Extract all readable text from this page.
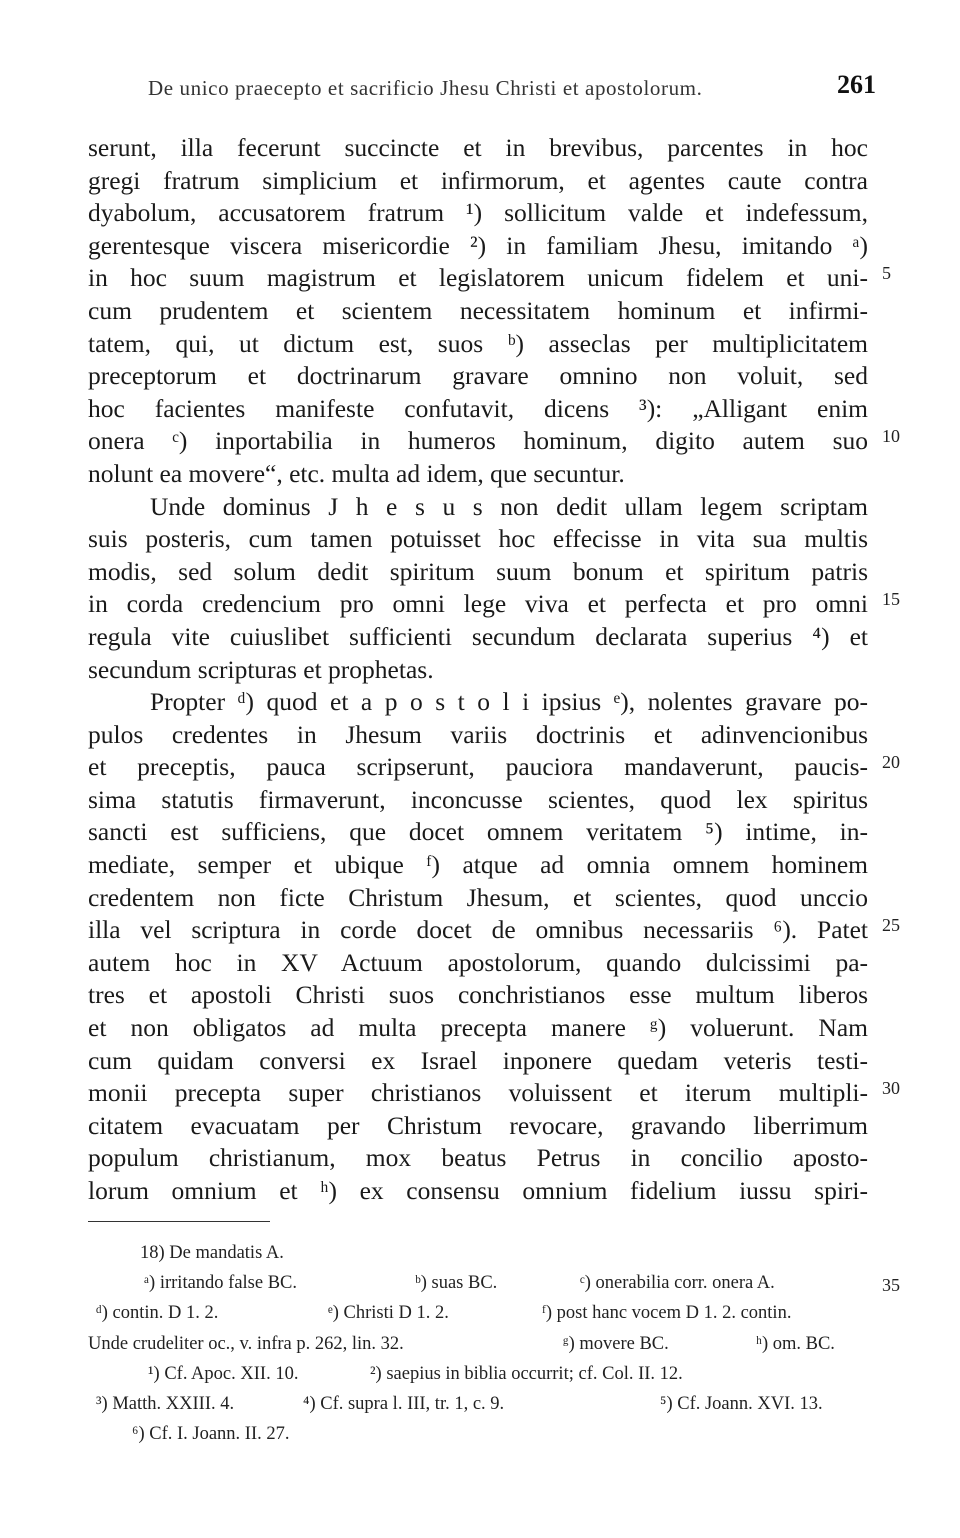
De unico praecepto et sacrificio Jhesu Christi et apostolorum.	261
serunt, illa fecerunt succincte et in brevibus, parcentes in hoc
gregi fratrum simplicium et infirmorum, et agentes caute contra
dyabolum, accusatorem fratrum ¹) sollicitum valde et indefessum,
gerentesque viscera misericordie ²) in familiam Jhesu, imitando ᵃ)
in hoc suum magistrum et legislatorem unicum fidelem et uni-
cum prudentem et scientem necessitatem hominum et infirmi-
tatem, qui, ut dictum est, suos ᵇ) asseclas per multiplicitatem
preceptorum et doctrinarum gravare omnino non voluit, sed
hoc facientes manifeste confutavit, dicens ³): „Alligant enim
onera ᶜ) inportabilia in humeros hominum, digito autem suo
nolunt ea movere“, etc. multa ad idem, que secuntur.
Unde dominus J h e s u s non dedit ullam legem scriptam
suis posteris, cum tamen potuisset hoc effecisse in vita sua multis
modis, sed solum dedit spiritum suum bonum et spiritum patris
in corda credencium pro omni lege viva et perfecta et pro omni
regula vite cuiuslibet sufficienti secundum declarata superius ⁴) et
secundum scripturas et prophetas.
Propter ᵈ) quod et a p o s t o l i ipsius ᵉ), nolentes gravare po-
pulos credentes in Jhesum variis doctrinis et adinvencionibus
et preceptis, pauca scripserunt, pauciora mandaverunt, paucis-
sima statutis firmaverunt, inconcusse scientes, quod lex spiritus
sancti est sufficiens, que docet omnem veritatem ⁵) intime, in-
mediate, semper et ubique ᶠ) atque ad omnia omnem hominem
credentem non ficte Christum Jhesum, et scientes, quod unccio
illa vel scriptura in corde docet de omnibus necessariis ⁶). Patet
autem hoc in XV Actuum apostolorum, quando dulcissimi pa-
tres et apostoli Christi suos conchristianos esse multum liberos
et non obligatos ad multa precepta manere ᵍ) voluerunt. Nam
cum quidam conversi ex Israel inponere quedam veteris testi-
monii precepta super christianos voluissent et iterum multipli-
citatem evacuatam per Christum revocare, gravando liberrimum
populum christianum, mox beatus Petrus in concilio aposto-
lorum omnium et ʰ) ex consensu omnium fidelium iussu spiri-
5
10
15
20
25
30
18) De mandatis A.
ᵃ) irritando false BC.	ᵇ) suas BC.	ᶜ) onerabilia corr. onera A.	35
ᵈ) contin. D 1. 2.	ᵉ) Christi D 1. 2.	ᶠ) post hanc vocem D 1. 2. contin.
Unde crudeliter oc., v. infra p. 262, lin. 32.	ᵍ) movere BC.	ʰ) om. BC.
¹) Cf. Apoc. XII. 10.	²) saepius in biblia occurrit; cf. Col. II. 12.
³) Matth. XXIII. 4.	⁴) Cf. supra l. III, tr. 1, c. 9.	⁵) Cf. Joann. XVI. 13.
⁶) Cf. I. Joann. II. 27.
